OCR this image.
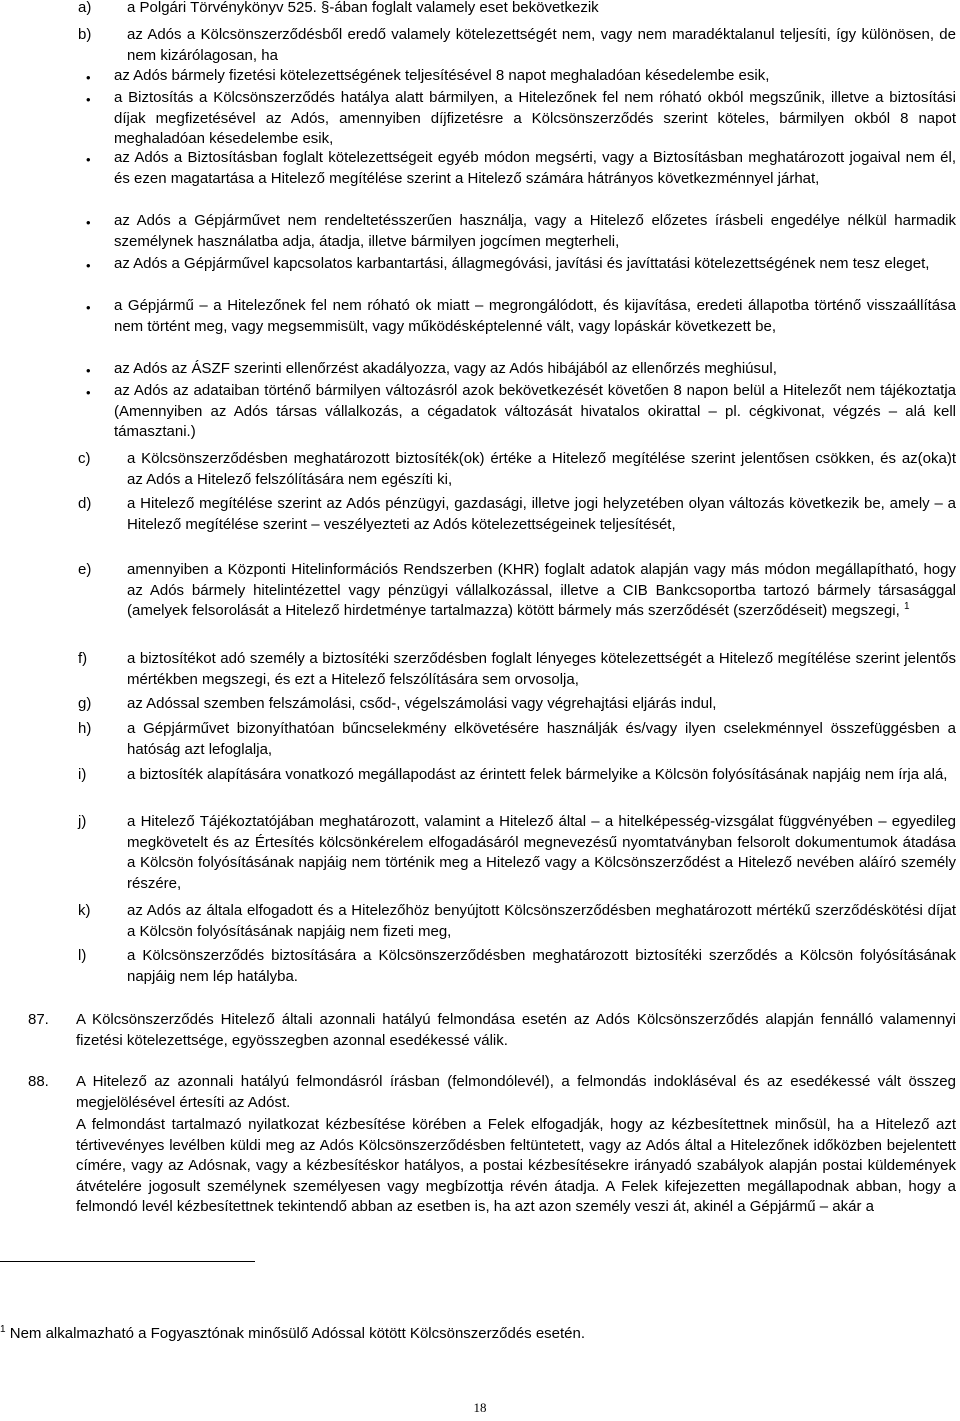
a) a Polgári Törvénykönyv 525. §-ában foglalt valamely eset bekövetkezik
b) az Adós a Kölcsönszerződésből eredő valamely kötelezettségét nem, vagy nem maradéktalanul teljesíti, így különösen, de nem kizárólagosan, ha
• az Adós bármely fizetési kötelezettségének teljesítésével 8 napot meghaladóan késedelembe esik,
• a Biztosítás a Kölcsönszerződés hatálya alatt bármilyen, a Hitelezőnek fel nem róható okból megszűnik, illetve a biztosítási díjak megfizetésével az Adós, amennyiben díjfizetésre a Kölcsönszerződés szerint köteles, bármilyen okból 8 napot meghaladóan késedelembe esik,
• az Adós a Biztosításban foglalt kötelezettségeit egyéb módon megsérti, vagy a Biztosításban meghatározott jogaival nem él, és ezen magatartása a Hitelező megítélése szerint a Hitelező számára hátrányos következménnyel járhat,
• az Adós a Gépjárművet nem rendeltetésszerűen használja, vagy a Hitelező előzetes írásbeli engedélye nélkül harmadik személynek használatba adja, átadja, illetve bármilyen jogcímen megterheli,
• az Adós a Gépjárművel kapcsolatos karbantartási, állagmegóvási, javítási és javíttatási kötelezettségének nem tesz eleget,
• a Gépjármű – a Hitelezőnek fel nem róható ok miatt – megrongálódott, és kijavítása, eredeti állapotba történő visszaállítása nem történt meg, vagy megsemmisült, vagy működésképtelenné vált, vagy lopáskár következett be,
• az Adós az ÁSZF szerinti ellenőrzést akadályozza, vagy az Adós hibájából az ellenőrzés meghiúsul,
• az Adós az adataiban történő bármilyen változásról azok bekövetkezését követően 8 napon belül a Hitelezőt nem tájékoztatja (Amennyiben az Adós társas vállalkozás, a cégadatok változását hivatalos okirattal – pl. cégkivonat, végzés – alá kell támasztani.)
c) a Kölcsönszerződésben meghatározott biztosíték(ok) értéke a Hitelező megítélése szerint jelentősen csökken, és az(oka)t az Adós a Hitelező felszólítására nem egészíti ki,
d) a Hitelező megítélése szerint az Adós pénzügyi, gazdasági, illetve jogi helyzetében olyan változás következik be, amely – a Hitelező megítélése szerint – veszélyezteti az Adós kötelezettségeinek teljesítését,
e) amennyiben a Központi Hitelinformációs Rendszerben (KHR) foglalt adatok alapján vagy más módon megállapítható, hogy az Adós bármely hitelintézettel vagy pénzügyi vállalkozással, illetve a CIB Bankcsoportba tartozó bármely társasággal (amelyek felsorolását a Hitelező hirdetménye tartalmazza) kötött bármely más szerződését (szerződéseit) megszegi, $^1$
f)	a biztosítékot adó személy a biztosítéki szerződésben foglalt lényeges kötelezettségét a Hitelező megítélése szerint jelentős mértékben megszegi, és ezt a Hitelező felszólítására sem orvosolja,
g) az Adóssal szemben felszámolási, csőd-, végelszámolási vagy végrehajtási eljárás indul,
h) a Gépjárművet bizonyíthatóan bűncselekmény elkövetésére használják és/vagy ilyen cselekménnyel összefüggésben a hatóság azt lefoglalja,
i)	a biztosíték alapítására vonatkozó megállapodást az érintett felek bármelyike a Kölcsön folyósításának napjáig nem írja alá,
j)	a Hitelező Tájékoztatójában meghatározott, valamint a Hitelező által – a hitelképesség-vizsgálat függvényében – egyedileg megkövetelt és az Értesítés kölcsönkérelem elfogadásáról megnevezésű nyomtatványban felsorolt dokumentumok átadása a Kölcsön folyósításának napjáig nem történik meg a Hitelező vagy a Kölcsönszerződést a Hitelező nevében aláíró személy részére,
k) az Adós az általa elfogadott és a Hitelezőhöz benyújtott Kölcsönszerződésben meghatározott mértékű szerződéskötési díjat a Kölcsön folyósításának napjáig nem fizeti meg,
l)	a Kölcsönszerződés biztosítására a Kölcsönszerződésben meghatározott biztosítéki szerződés a Kölcsön folyósításának napjáig nem lép hatályba.
87. A Kölcsönszerződés Hitelező általi azonnali hatályú felmondása esetén az Adós Kölcsönszerződés alapján fennálló valamennyi fizetési kötelezettsége, egyösszegben azonnal esedékessé válik.
88. A Hitelező az azonnali hatályú felmondásról írásban (felmondólevél), a felmondás indokláséval és az esedékessé vált összeg megjelölésével értesíti az Adóst.
A felmondást tartalmazó nyilatkozat kézbesítése körében a Felek elfogadják, hogy az kézbesítettnek minősül, ha a Hitelező azt tértivevényes levélben küldi meg az Adós Kölcsönszerződésben feltüntetett, vagy az Adós által a Hitelezőnek időközben bejelentett címére, vagy az Adósnak, vagy a kézbesítéskor hatályos, a postai kézbesítésekre irányadó szabályok alapján postai küldemények átvételére jogosult személynek személyesen vagy megbízottja révén átadja. A Felek kifejezetten megállapodnak abban, hogy a felmondó levél kézbesítettnek tekintendő abban az esetben is, ha azt azon személy veszi át, akinél a Gépjármű – akár a
$^1$ Nem alkalmazható a Fogyasztónak minősülő Adóssal kötött Kölcsönszerződés esetén.
18
